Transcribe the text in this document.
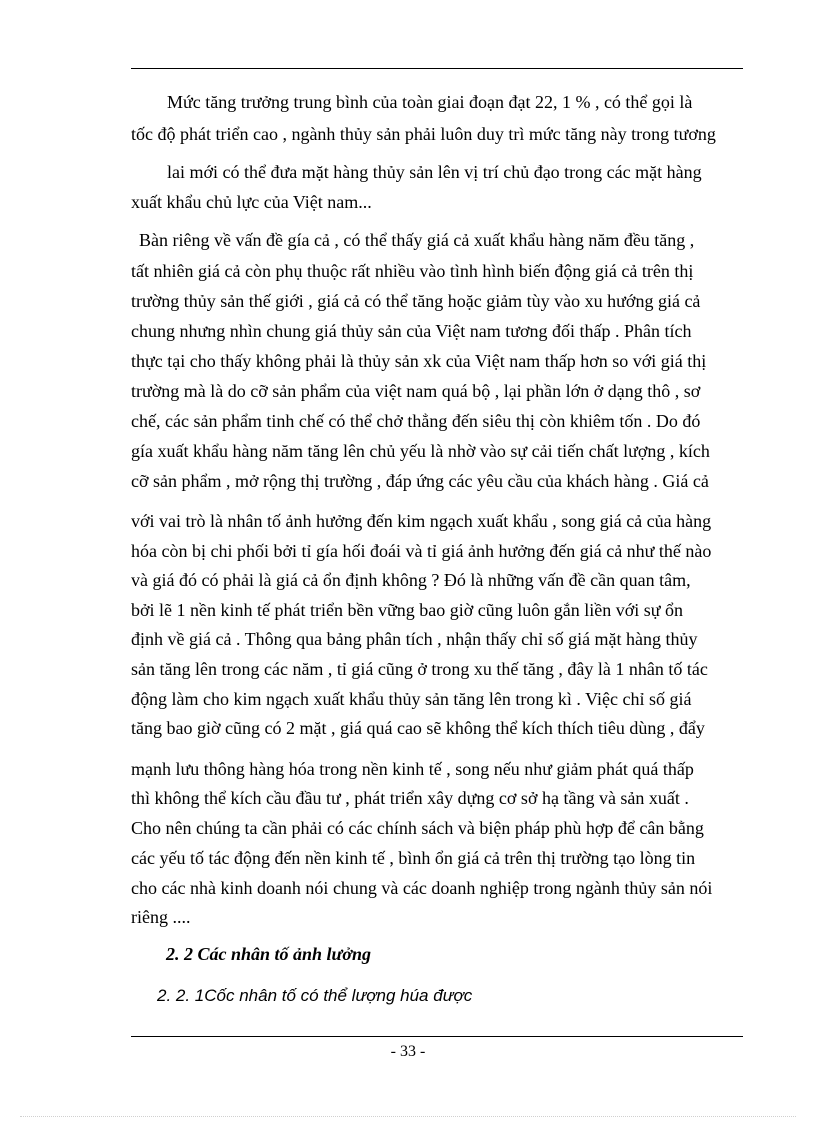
Mức tăng trưởng trung bình của toàn giai đoạn đạt 22, 1 % , có thể gọi là
tốc độ phát triển cao , ngành thủy sản phải luôn duy trì mức tăng này trong tương
lai mới có thể đưa mặt hàng thủy sản lên vị trí chủ đạo trong các mặt hàng
xuất khẩu chủ lực của Việt nam...
Bàn riêng về vấn đề gía cả , có thể thấy giá cả xuất khẩu hàng năm đều tăng ,
tất nhiên giá cả còn phụ thuộc rất nhiều vào tình hình biến động giá cả trên thị
trường thủy sản thế giới , giá cả có thể tăng hoặc giảm tùy vào xu hướng giá cả
chung nhưng nhìn chung giá thủy sản của Việt nam tương đối thấp . Phân tích
thực tại cho thấy không phải là thủy sản xk của Việt nam thấp hơn so với giá thị
trường mà là do cỡ sản phẩm của việt nam quá bộ , lại phần lớn ở dạng thô , sơ
chế, các sản phẩm tinh chế có thể chở thẳng đến siêu thị còn khiêm tốn . Do đó
gía xuất khẩu hàng năm tăng lên chủ yếu là nhờ vào sự cải tiến chất lượng , kích
cỡ sản phẩm , mở rộng thị trường , đáp ứng các yêu cầu của khách hàng . Giá cả
với vai trò là nhân tố ảnh hưởng đến kim ngạch xuất khẩu , song giá cả của hàng
hóa còn bị chi phối bởi tỉ gía hối đoái và tỉ giá ảnh hưởng đến giá cả như thế nào
và giá đó có phải là giá cả ổn định không ? Đó là những vấn đề cần quan tâm,
bởi lẽ 1 nền kinh tế phát triển bền vững bao giờ cũng luôn gắn liền với sự ổn
định về giá cả . Thông qua bảng phân tích , nhận thấy chỉ số giá mặt hàng thủy
sản tăng lên trong các năm , tỉ giá cũng ở trong xu thế tăng , đây là 1 nhân tố tác
động làm cho kim ngạch xuất khẩu thủy sản tăng lên trong kì . Việc chỉ số giá
tăng bao giờ cũng có 2 mặt , giá quá cao sẽ không thể kích thích tiêu dùng , đẩy
mạnh lưu thông hàng hóa trong nền kinh tế , song nếu như giảm phát quá thấp
thì không thể kích cầu đầu tư , phát triển xây dựng cơ sở hạ tầng và sản xuất .
Cho nên chúng ta cần phải có các chính sách và biện pháp phù hợp để cân bằng
các yếu tố tác động đến nền kinh tế , bình ổn giá cả trên thị trường tạo lòng tin
cho các nhà kinh doanh nói chung và các doanh nghiệp trong ngành thủy sản nói
riêng ....
2. 2 Các nhân tố ảnh lưởng
2. 2. 1Cốc nhân tố có thể lượng húa được
- 33 -
